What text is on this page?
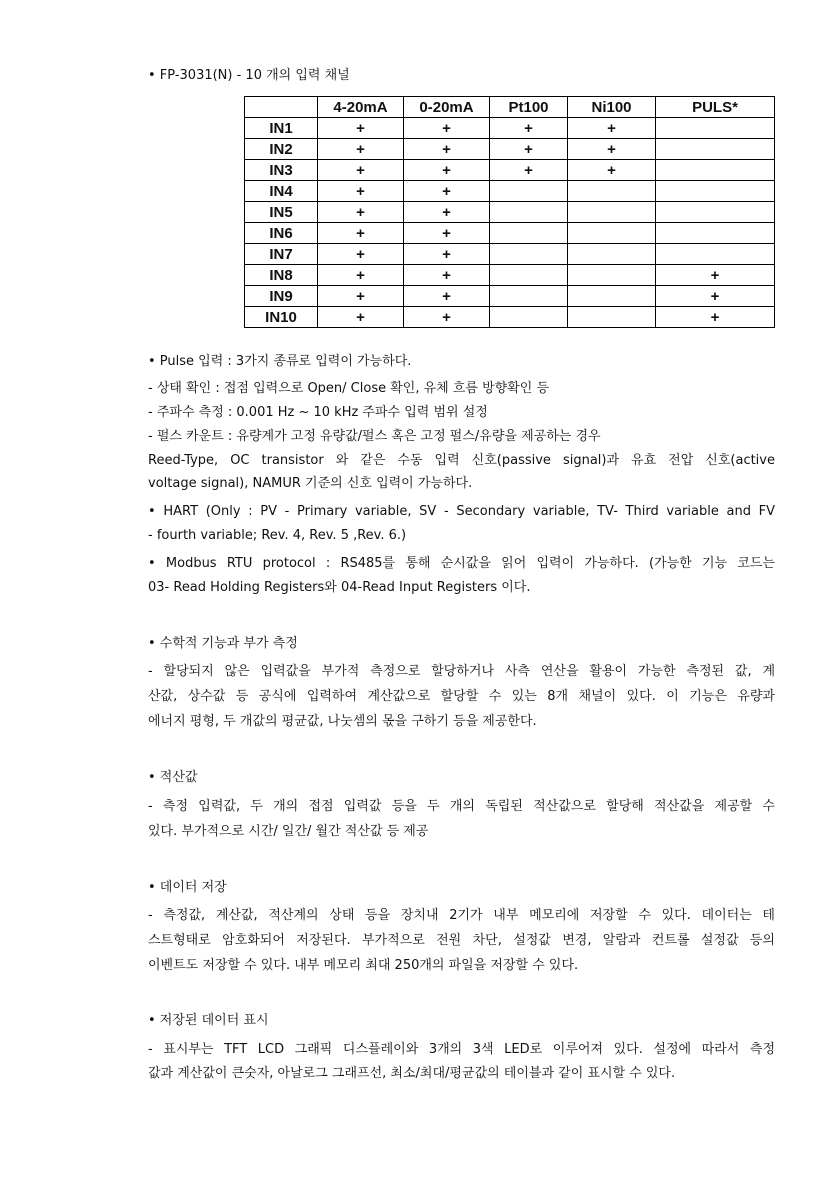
• FP-3031(N) - 10 개의 입력 채널
	4-20mA	0-20mA	Pt100	Ni100	PULS*
IN1	+	+	+	+	
IN2	+	+	+	+	
IN3	+	+	+	+	
IN4	+	+			
IN5	+	+			
IN6	+	+			
IN7	+	+			
IN8	+	+			+
IN9	+	+			+
IN10	+	+			+
• Pulse 입력 : 3가지 종류로 입력이 가능하다.
- 상태 확인 : 접점 입력으로 Open/ Close 확인, 유체 흐름 방향확인 등
- 주파수 측정 : 0.001 Hz ~ 10 kHz 주파수 입력 범위 설정
- 펄스 카운트 : 유량계가 고정 유량값/펄스 혹은 고정 펄스/유량을 제공하는 경우
Reed-Type, OC transistor 와 같은 수동 입력 신호(passive signal)과 유효 전압 신호(active
voltage signal), NAMUR 기준의 신호 입력이 가능하다.
• HART (Only : PV - Primary variable, SV - Secondary variable, TV- Third variable and FV
- fourth variable; Rev. 4, Rev. 5 ,Rev. 6.)
• Modbus RTU protocol : RS485를 통해 순시값을 읽어 입력이 가능하다. (가능한 기능 코드는
03- Read Holding Registers와 04-Read Input Registers 이다.
• 수학적 기능과 부가 측정
- 할당되지 않은 입력값을 부가적 측정으로 할당하거나 사측 연산을 활용이 가능한 측정된 값, 계
산값, 상수값 등 공식에 입력하여 계산값으로 할당할 수 있는 8개 채널이 있다. 이 기능은 유량과
에너지 평형, 두 개값의 평균값, 나눗셈의 몫을 구하기 등을 제공한다.
• 적산값
- 측정 입력값, 두 개의 접점 입력값 등을 두 개의 독립된 적산값으로 할당해 적산값을 제공할 수
있다. 부가적으로 시간/ 일간/ 월간 적산값 등 제공
• 데이터 저장
- 측정값, 계산값, 적산계의 상태 등을 장치내 2기가 내부 메모리에 저장할 수 있다. 데이터는 테
스트형태로 암호화되어 저장된다. 부가적으로 전원 차단, 설정값 변경, 알람과 컨트롤 설정값 등의
이벤트도 저장할 수 있다. 내부 메모리 최대 250개의 파일을 저장할 수 있다.
• 저장된 데이터 표시
- 표시부는 TFT LCD 그래픽 디스플레이와 3개의 3색 LED로 이루어져 있다. 설정에 따라서 측정
값과 계산값이 큰숫자, 아날로그 그래프선, 최소/최대/평균값의 테이블과 같이 표시할 수 있다.
